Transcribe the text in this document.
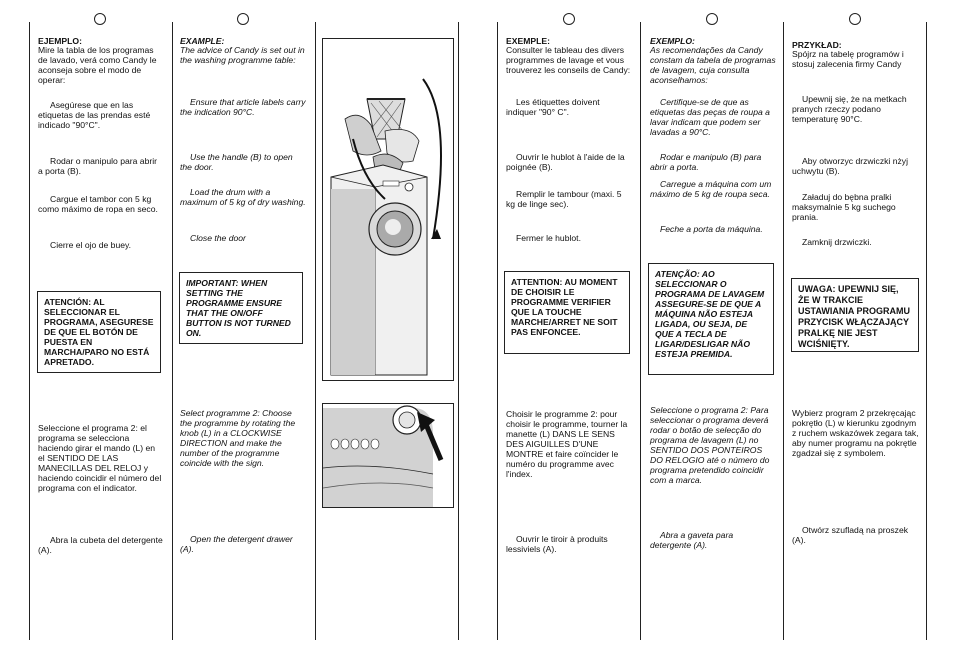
EJEMPLO:

Mire la tabla de los programas de lavado, verá como Candy le aconseja sobre el modo de operar:

Asegúrese que en las etiquetas de las prendas esté indicado "90°C".

Rodar o manipulo para abrir a porta (B).

Cargue el tambor con 5 kg como máximo de ropa en seco.

Cierre el ojo de buey.

Seleccione el programa 2: el programa se selecciona haciendo girar el mando (L) en el SENTIDO DE LAS MANECILLAS DEL RELOJ y haciendo coincidir el número del programa con el indicator.

Abra la cubeta del detergente (A).

ATENCIÓN: AL SELECCIONAR EL PROGRAMA, ASEGURESE DE QUE EL BOTÓN DE PUESTA EN MARCHA/PARO NO ESTÁ APRETADO.

EXAMPLE:

The advice of Candy is set out in the washing programme table:

Ensure that article labels carry the indication 90°C.

Use the handle (B) to open the door.

Load the drum with a maximum of 5 kg of dry washing.

Close the door

Select programme 2: Choose the programme by rotating the knob (L) in a CLOCKWISE DIRECTION and make the number of the programme coincide with the sign.

Open the detergent drawer (A).

IMPORTANT: WHEN SETTING THE PROGRAMME ENSURE THAT THE ON/OFF BUTTON IS NOT TURNED ON.

EXEMPLE:

Consulter le tableau des divers programmes de lavage et vous trouverez les conseils de Candy:

Les étiquettes doivent indiquer "90° C".

Ouvrir le hublot à l'aide de la poignée (B).

Remplir le tambour (maxi. 5 kg de linge sec).

Fermer le hublot.

Choisir le programme 2: pour choisir le programme, tourner la manette (L) DANS LE SENS DES AIGUILLES D'UNE MONTRE et faire coïncider le numéro du programme avec l'index.

Ouvrir le tiroir à produits lessiviels (A).

ATTENTION: AU MOMENT DE CHOISIR LE PROGRAMME VERIFIER QUE LA TOUCHE MARCHE/ARRET NE SOIT PAS ENFONCEE.

EXEMPLO:

As recomendações da Candy constam da tabela de programas de lavagem, cuja consulta aconselhamos:

Certifique-se de que as etiquetas das peças de roupa a lavar indicam que podem ser lavadas a 90°C.

Rodar e manipulo (B) para abrir a porta.

Carregue a máquina com um máximo de 5 kg de roupa seca.

Feche a porta da máquina.

Seleccione o programa 2: Para seleccionar o programa deverá rodar o botão de selecção do programa de lavagem (L) no SENTIDO DOS PONTEIROS DO RELOGIO até o número do programa pretendido coincidir com a marca.

Abra a gaveta para detergente (A).

ATENÇÃO: AO SELECCIONAR O PROGRAMA DE LAVAGEM ASSEGURE-SE DE QUE A MÁQUINA NÃO ESTEJA LIGADA, OU SEJA, DE QUE A TECLA DE LIGAR/DESLIGAR NÃO ESTEJA PREMIDA.

PRZYKŁAD:

Spójrz na tabelę programów i stosuj zalecenia firmy Candy

Upewnij się, że na metkach pranych rzeczy podano temperaturę 90°C.

Aby otworzyc drzwiczki nżyj uchwytu (B).

Załaduj do bębna pralki maksymalnie 5 kg suchego prania.

Zamknij drzwiczki.

Wybierz program 2 przekręcając pokrętło (L) w kierunku zgodnym z ruchem wskazówek zegara tak, aby numer programu na pokrętle zgadzał się z symbolem.

Otwórz szufladą na proszek (A).

UWAGA: UPEWNIJ SIĘ, ŻE W TRAKCIE USTAWIANIA PROGRAMU PRZYCISK WŁĄCZAJĄCY PRALKĘ NIE JEST WCIŚNIĘTY.
